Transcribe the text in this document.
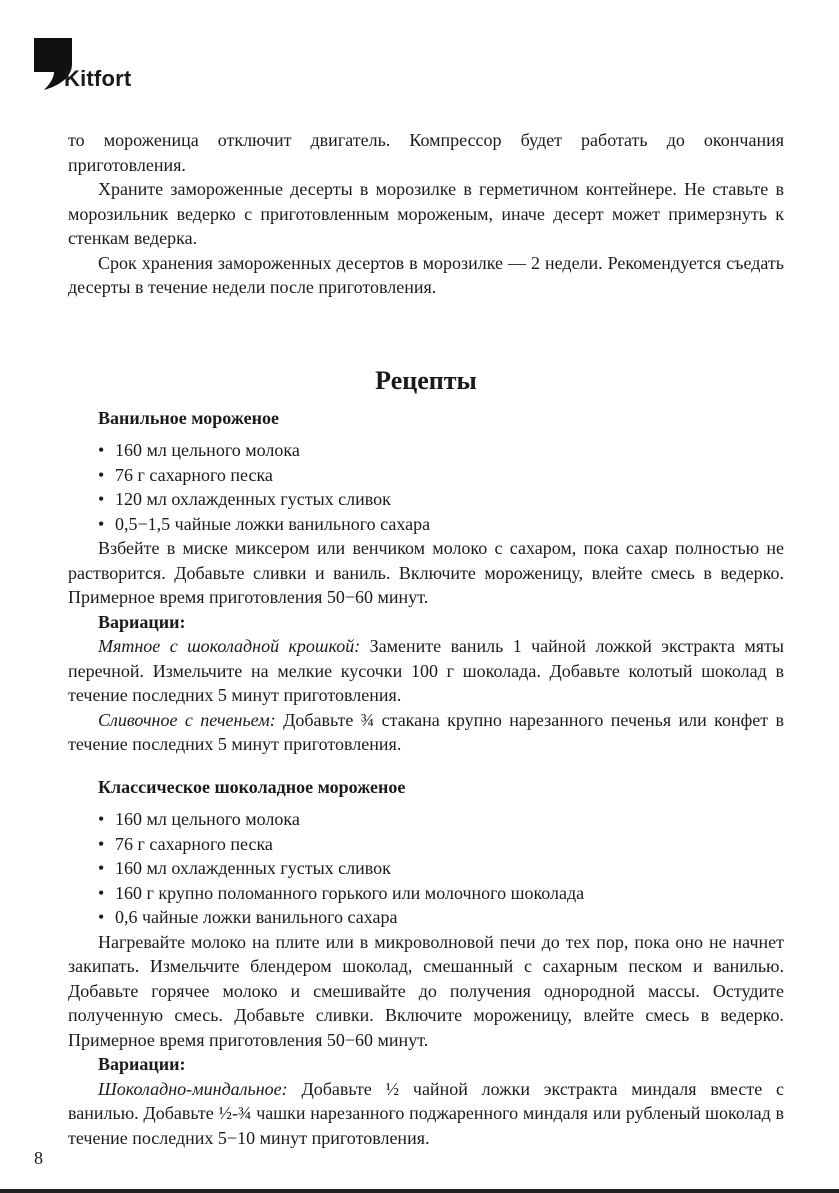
Kitfort

то мороженица отключит двигатель. Компрессор будет работать до окончания приготовления.

Храните замороженные десерты в морозилке в герметичном контейнере. Не ставьте в морозильник ведерко с приготовленным мороженым, иначе десерт может примерзнуть к стенкам ведерка.

Срок хранения замороженных десертов в морозилке — 2 недели. Рекомендуется съедать десерты в течение недели после приготовления.

Рецепты
Ванильное мороженое
• 160 мл цельного молока
• 76 г сахарного песка
• 120 мл охлажденных густых сливок
• 0,5−1,5 чайные ложки ванильного сахара

Взбейте в миске миксером или венчиком молоко с сахаром, пока сахар полностью не растворится. Добавьте сливки и ваниль. Включите мороженицу, влейте смесь в ведерко. Примерное время приготовления 50−60 минут.

Вариации:

Мятное с шоколадной крошкой: Замените ваниль 1 чайной ложкой экстракта мяты перечной. Измельчите на мелкие кусочки 100 г шоколада. Добавьте колотый шоколад в течение последних 5 минут приготовления.

Сливочное с печеньем: Добавьте ¾ стакана крупно нарезанного печенья или конфет в течение последних 5 минут приготовления.

Классическое шоколадное мороженое
• 160 мл цельного молока
• 76 г сахарного песка
• 160 мл охлажденных густых сливок
• 160 г крупно поломанного горького или молочного шоколада
• 0,6 чайные ложки ванильного сахара

Нагревайте молоко на плите или в микроволновой печи до тех пор, пока оно не начнет закипать. Измельчите блендером шоколад, смешанный с сахарным песком и ванилью. Добавьте горячее молоко и смешивайте до получения однородной массы. Остудите полученную смесь. Добавьте сливки. Включите мороженицу, влейте смесь в ведерко. Примерное время приготовления 50−60 минут.

Вариации:

Шоколадно-миндальное: Добавьте ½ чайной ложки экстракта миндаля вместе с ванилью. Добавьте ½-¾ чашки нарезанного поджаренного миндаля или рубленый шоколад в течение последних 5−10 минут приготовления.

8
